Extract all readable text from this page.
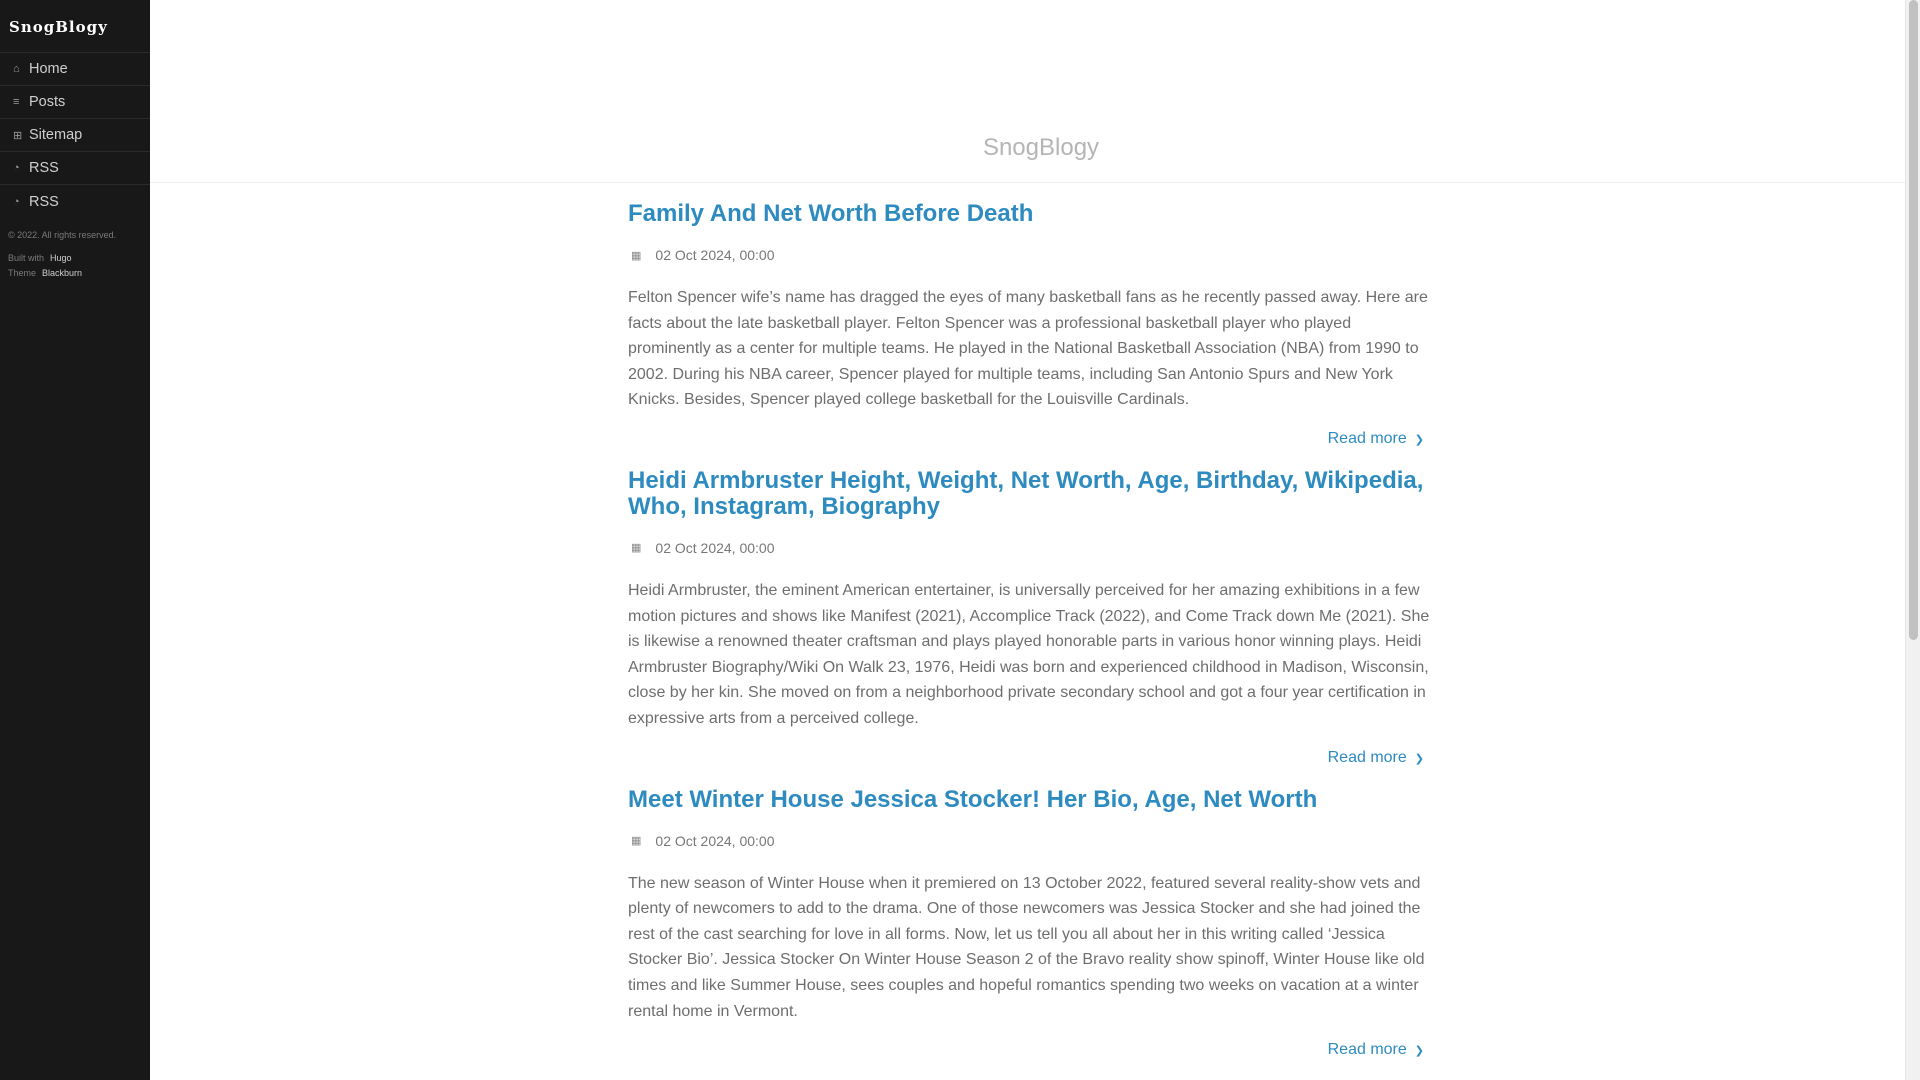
SnogBlogy
⌂ Home
≡ Posts
⊞ Sitemap
◔ RSS
◔ RSS
© 2022. All rights reserved.
Built with Hugo
Theme Blackburn
SnogBlogy
Family And Net Worth Before Death
▦ 02 Oct 2024, 00:00

Felton Spencer wife’s name has dragged the eyes of many basketball fans as he recently passed away. Here are facts about the late basketball player. Felton Spencer was a professional basketball player who played prominently as a center for multiple teams. He played in the National Basketball Association (NBA) from 1990 to 2002. During his NBA career, Spencer played for multiple teams, including San Antonio Spurs and New York Knicks. Besides, Spencer played college basketball for the Louisville Cardinals.

Read more ❯
Heidi Armbruster Height, Weight, Net Worth, Age, Birthday, Wikipedia, Who, Instagram, Biography
▦ 02 Oct 2024, 00:00

Heidi Armbruster, the eminent American entertainer, is universally perceived for her amazing exhibitions in a few motion pictures and shows like Manifest (2021), Accomplice Track (2022), and Come Track down Me (2021). She is likewise a renowned theater craftsman and plays played honorable parts in various honor winning plays. Heidi Armbruster Biography/Wiki On Walk 23, 1976, Heidi was born and experienced childhood in Madison, Wisconsin, close by her kin. She moved on from a neighborhood private secondary school and got a four year certification in expressive arts from a perceived college.

Read more ❯
Meet Winter House Jessica Stocker! Her Bio, Age, Net Worth
▦ 02 Oct 2024, 00:00

The new season of Winter House when it premiered on 13 October 2022, featured several reality-show vets and plenty of newcomers to add to the drama. One of those newcomers was Jessica Stocker and she had joined the rest of the cast searching for love in all forms. Now, let us tell you all about her in this writing called ‘Jessica Stocker Bio’. Jessica Stocker On Winter House Season 2 of the Bravo reality show spinoff, Winter House like old times and like Summer House, sees couples and hopeful romantics spending two weeks on vacation at a winter rental home in Vermont.

Read more ❯
